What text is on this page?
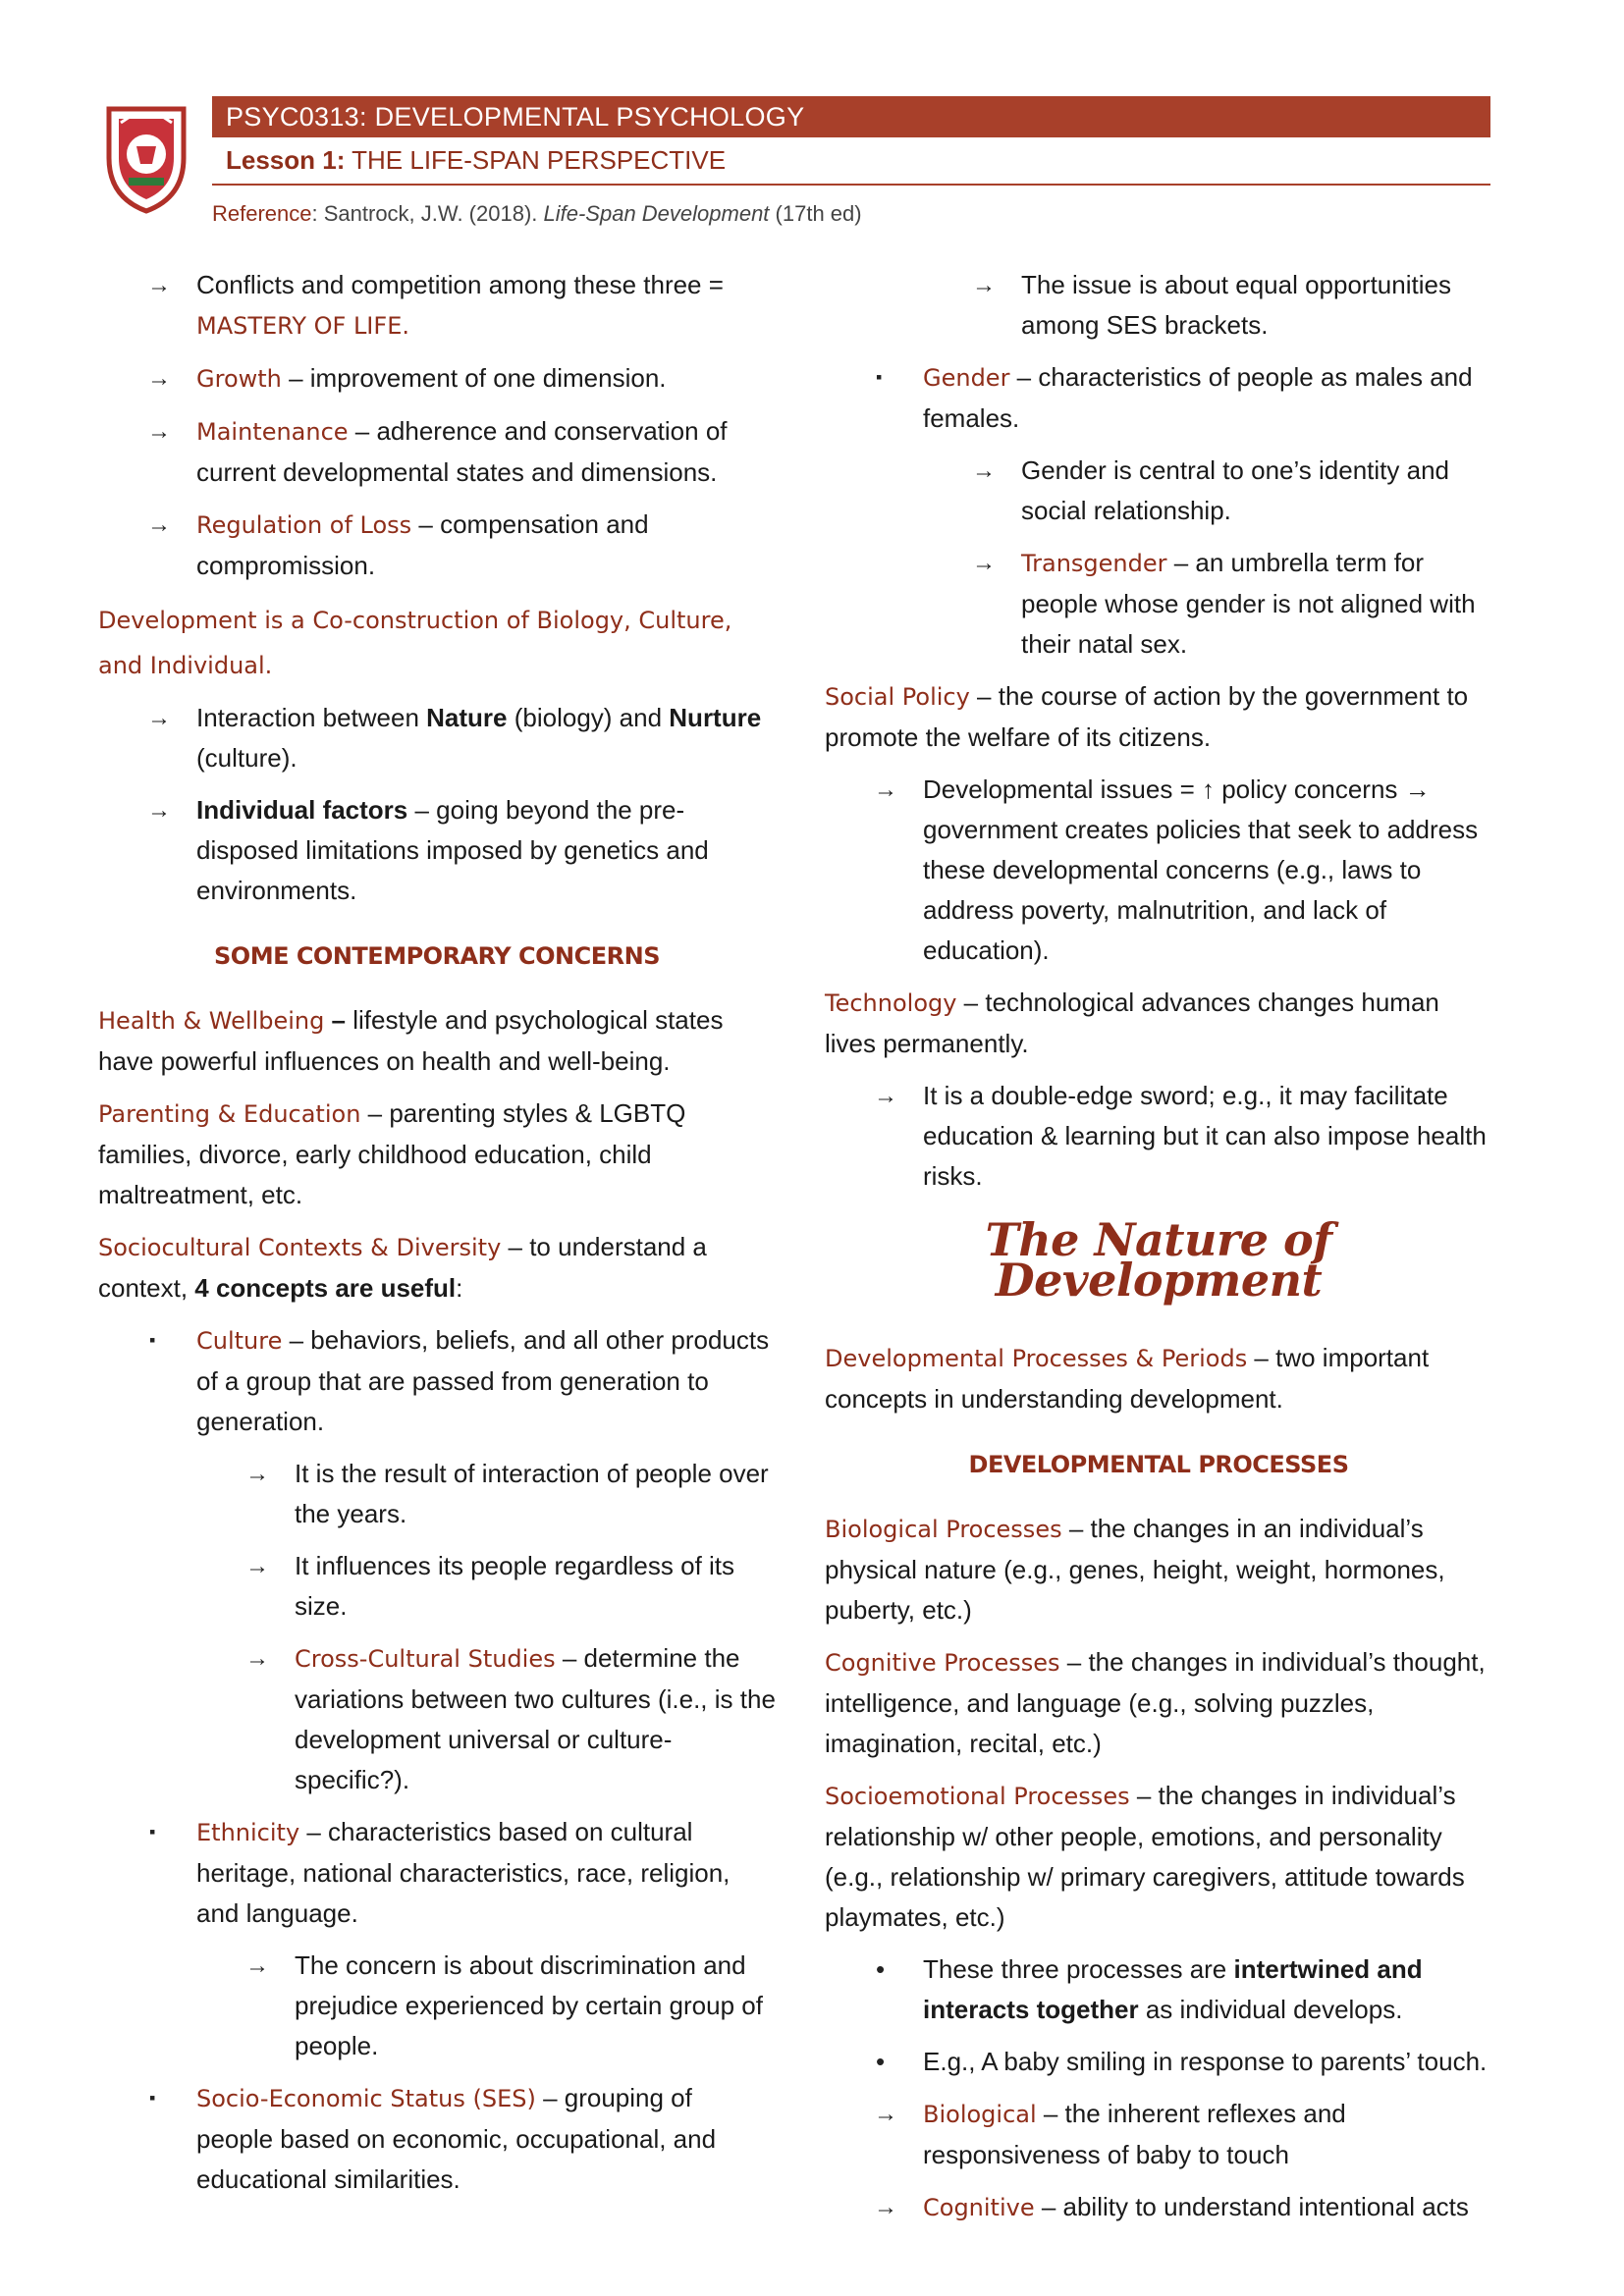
PSYC0313: DEVELOPMENTAL PSYCHOLOGY
Lesson 1: THE LIFE-SPAN PERSPECTIVE
Reference: Santrock, J.W. (2018). Life-Span Development (17th ed)
→ Conflicts and competition among these three = MASTERY OF LIFE.
→ Growth – improvement of one dimension.
→ Maintenance – adherence and conservation of current developmental states and dimensions.
→ Regulation of Loss – compensation and compromission.
Development is a Co-construction of Biology, Culture, and Individual.
→ Interaction between Nature (biology) and Nurture (culture).
→ Individual factors – going beyond the pre-disposed limitations imposed by genetics and environments.
SOME CONTEMPORARY CONCERNS
Health & Wellbeing – lifestyle and psychological states have powerful influences on health and well-being.
Parenting & Education – parenting styles & LGBTQ families, divorce, early childhood education, child maltreatment, etc.
Sociocultural Contexts & Diversity – to understand a context, 4 concepts are useful:
▪ Culture – behaviors, beliefs, and all other products of a group that are passed from generation to generation.
→ It is the result of interaction of people over the years.
→ It influences its people regardless of its size.
→ Cross-Cultural Studies – determine the variations between two cultures (i.e., is the development universal or culture-specific?).
▪ Ethnicity – characteristics based on cultural heritage, national characteristics, race, religion, and language.
→ The concern is about discrimination and prejudice experienced by certain group of people.
▪ Socio-Economic Status (SES) – grouping of people based on economic, occupational, and educational similarities.
→ The issue is about equal opportunities among SES brackets.
▪ Gender – characteristics of people as males and females.
→ Gender is central to one’s identity and social relationship.
→ Transgender – an umbrella term for people whose gender is not aligned with their natal sex.
Social Policy – the course of action by the government to promote the welfare of its citizens.
→ Developmental issues = ↑ policy concerns → government creates policies that seek to address these developmental concerns (e.g., laws to address poverty, malnutrition, and lack of education).
Technology – technological advances changes human lives permanently.
→ It is a double-edge sword; e.g., it may facilitate education & learning but it can also impose health risks.
The Nature of Development
Developmental Processes & Periods – two important concepts in understanding development.
DEVELOPMENTAL PROCESSES
Biological Processes – the changes in an individual’s physical nature (e.g., genes, height, weight, hormones, puberty, etc.)
Cognitive Processes – the changes in individual’s thought, intelligence, and language (e.g., solving puzzles, imagination, recital, etc.)
Socioemotional Processes – the changes in individual’s relationship w/ other people, emotions, and personality (e.g., relationship w/ primary caregivers, attitude towards playmates, etc.)
• These three processes are intertwined and interacts together as individual develops.
• E.g., A baby smiling in response to parents’ touch.
→ Biological – the inherent reflexes and responsiveness of baby to touch
→ Cognitive – ability to understand intentional acts
